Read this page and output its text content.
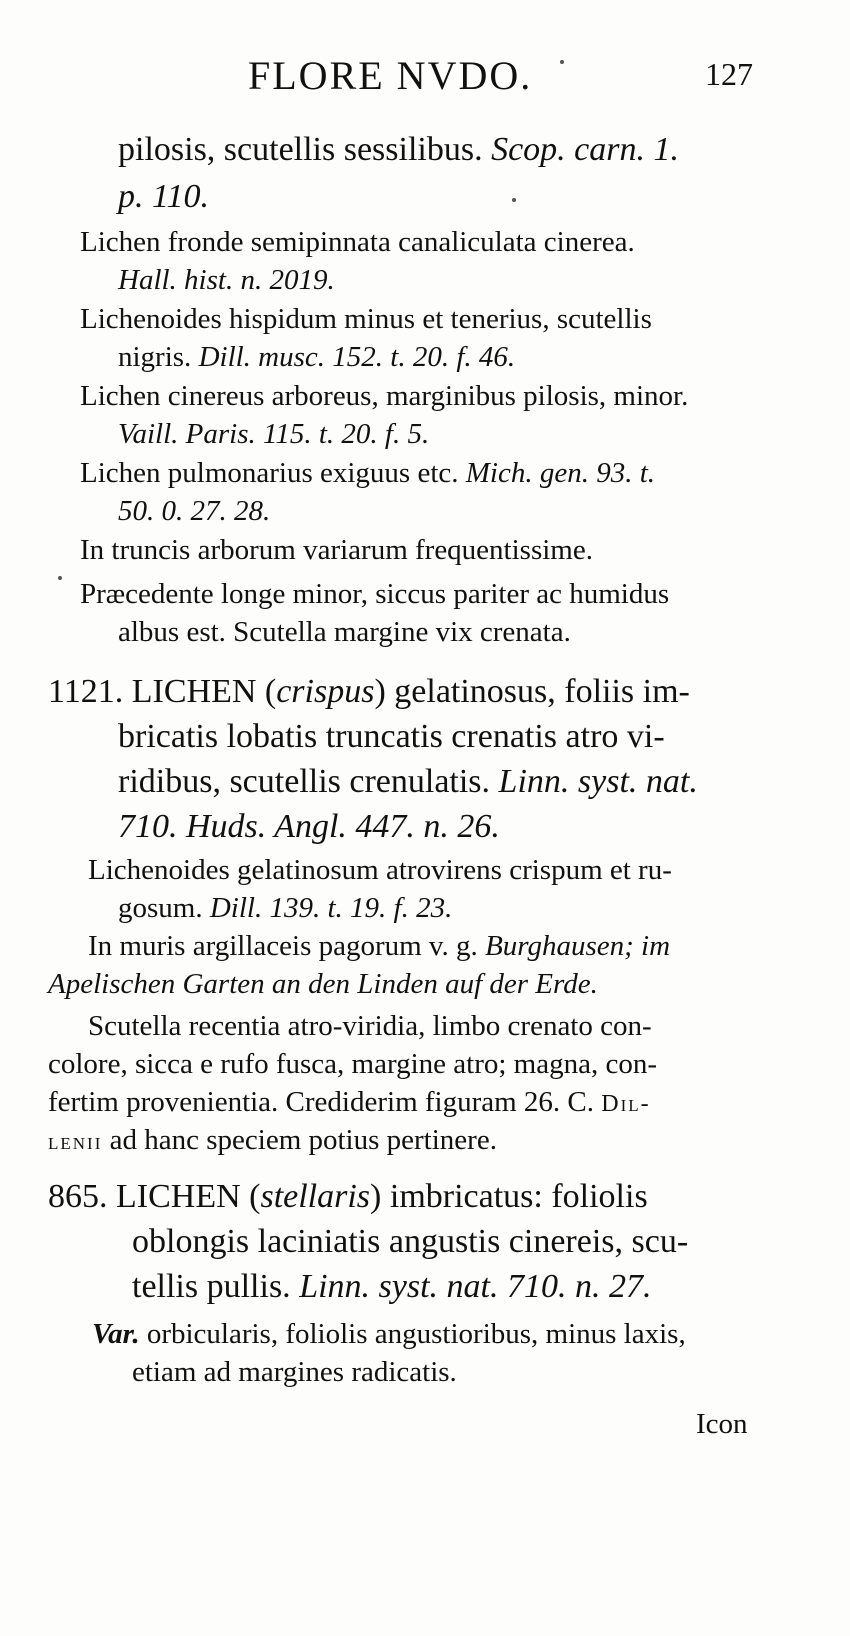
FLORE NVDO.	127
pilosis, scutellis sessilibus. Scop. carn. 1.
p. 110.
Lichen fronde semipinnata canaliculata cinerea.
Hall. hist. n. 2019.
Lichenoides hispidum minus et tenerius, scutellis
nigris. Dill. musc. 152. t. 20. f. 46.
Lichen cinereus arboreus, marginibus pilosis, minor.
Vaill. Paris. 115. t. 20. f. 5.
Lichen pulmonarius exiguus etc. Mich. gen. 93. t.
50. 0. 27. 28.
In truncis arborum variarum frequentissime.
Præcedente longe minor, siccus pariter ac humidus
albus est. Scutella margine vix crenata.
1121. LICHEN (crispus) gelatinosus, foliis im-
bricatis lobatis truncatis crenatis atro vi-
ridibus, scutellis crenulatis. Linn. syst. nat.
710. Huds. Angl. 447. n. 26.
Lichenoides gelatinosum atrovirens crispum et ru-
gosum. Dill. 139. t. 19. f. 23.
In muris argillaceis pagorum v. g. Burghausen; im
Apelischen Garten an den Linden auf der Erde.
Scutella recentia atro-viridia, limbo crenato con-
colore, sicca e rufo fusca, margine atro; magna, con-
fertim provenientia. Crediderim figuram 26. C. Dil-
lenii ad hanc speciem potius pertinere.
865. LICHEN (stellaris) imbricatus: foliolis
oblongis laciniatis angustis cinereis, scu-
tellis pullis. Linn. syst. nat. 710. n. 27.
Var. orbicularis, foliolis angustioribus, minus laxis,
etiam ad margines radicatis.
Icon
